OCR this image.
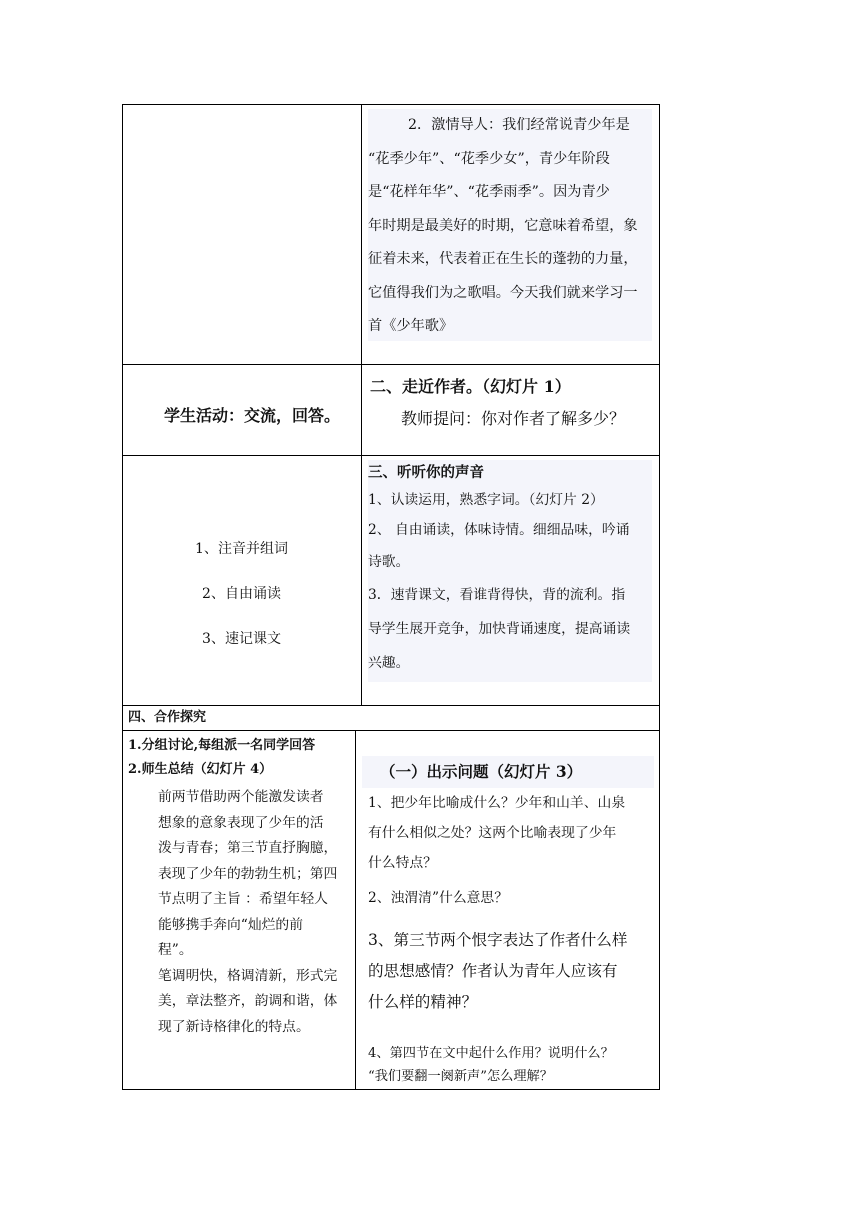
2．激情导人：我们经常说青少年是

“花季少年”、“花季少女”，青少年阶段

是“花样年华”、“花季雨季”。因为青少

年时期是最美好的时期，它意味着希望，象

征着未来，代表着正在生长的蓬勃的力量，

它值得我们为之歌唱。今天我们就来学习一

首《少年歌》

学生活动：交流，回答。
二、走近作者。（幻灯片 1）
教师提问：你对作者了解多少？

1、注音并组词

2、自由诵读

3、速记课文

三、听听你的声音

1、认读运用，熟悉字词。（幻灯片 2）

2、 自由诵读，体味诗情。细细品味，吟诵

诗歌。

3．速背课文，看谁背得快，背的流利。指

导学生展开竞争，加快背诵速度，提高诵读

兴趣。

四、合作探究

1.分组讨论,每组派一名同学回答

2.师生总结（幻灯片 4）

前两节借助两个能激发读者

想象的意象表现了少年的活

泼与青春；第三节直抒胸臆，

表现了少年的勃勃生机；第四

节点明了主旨 ：希望年轻人

能够携手奔向“灿烂的前

程”。

笔调明快，格调清新，形式完

美，章法整齐，韵调和谐，体

现了新诗格律化的特点。

（一）出示问题（幻灯片 3）

1、把少年比喻成什么？少年和山羊、山泉

有什么相似之处？这两个比喻表现了少年

什么特点？

2、浊渭清”什么意思？

3、第三节两个恨字表达了作者什么样

的思想感情？作者认为青年人应该有

什么样的精神？

4、第四节在文中起什么作用？说明什么？

“我们要翻一阕新声”怎么理解？
